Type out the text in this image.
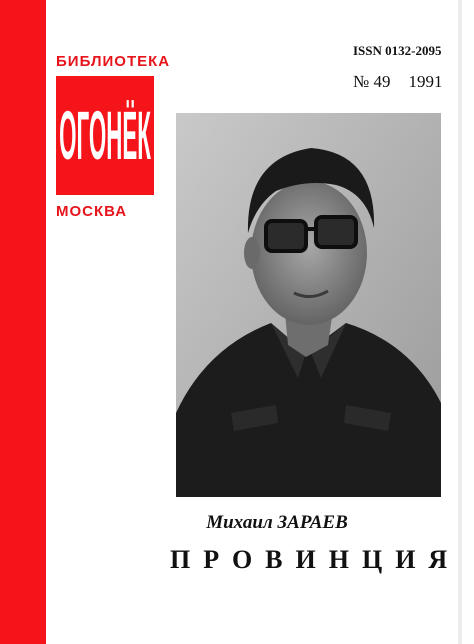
БИБЛИОТЕКА
ОГОНЁК
МОСКВА
ISSN 0132-2095
№ 49 1991
Михаил ЗАРАЕВ
ПРОВИНЦИЯ
